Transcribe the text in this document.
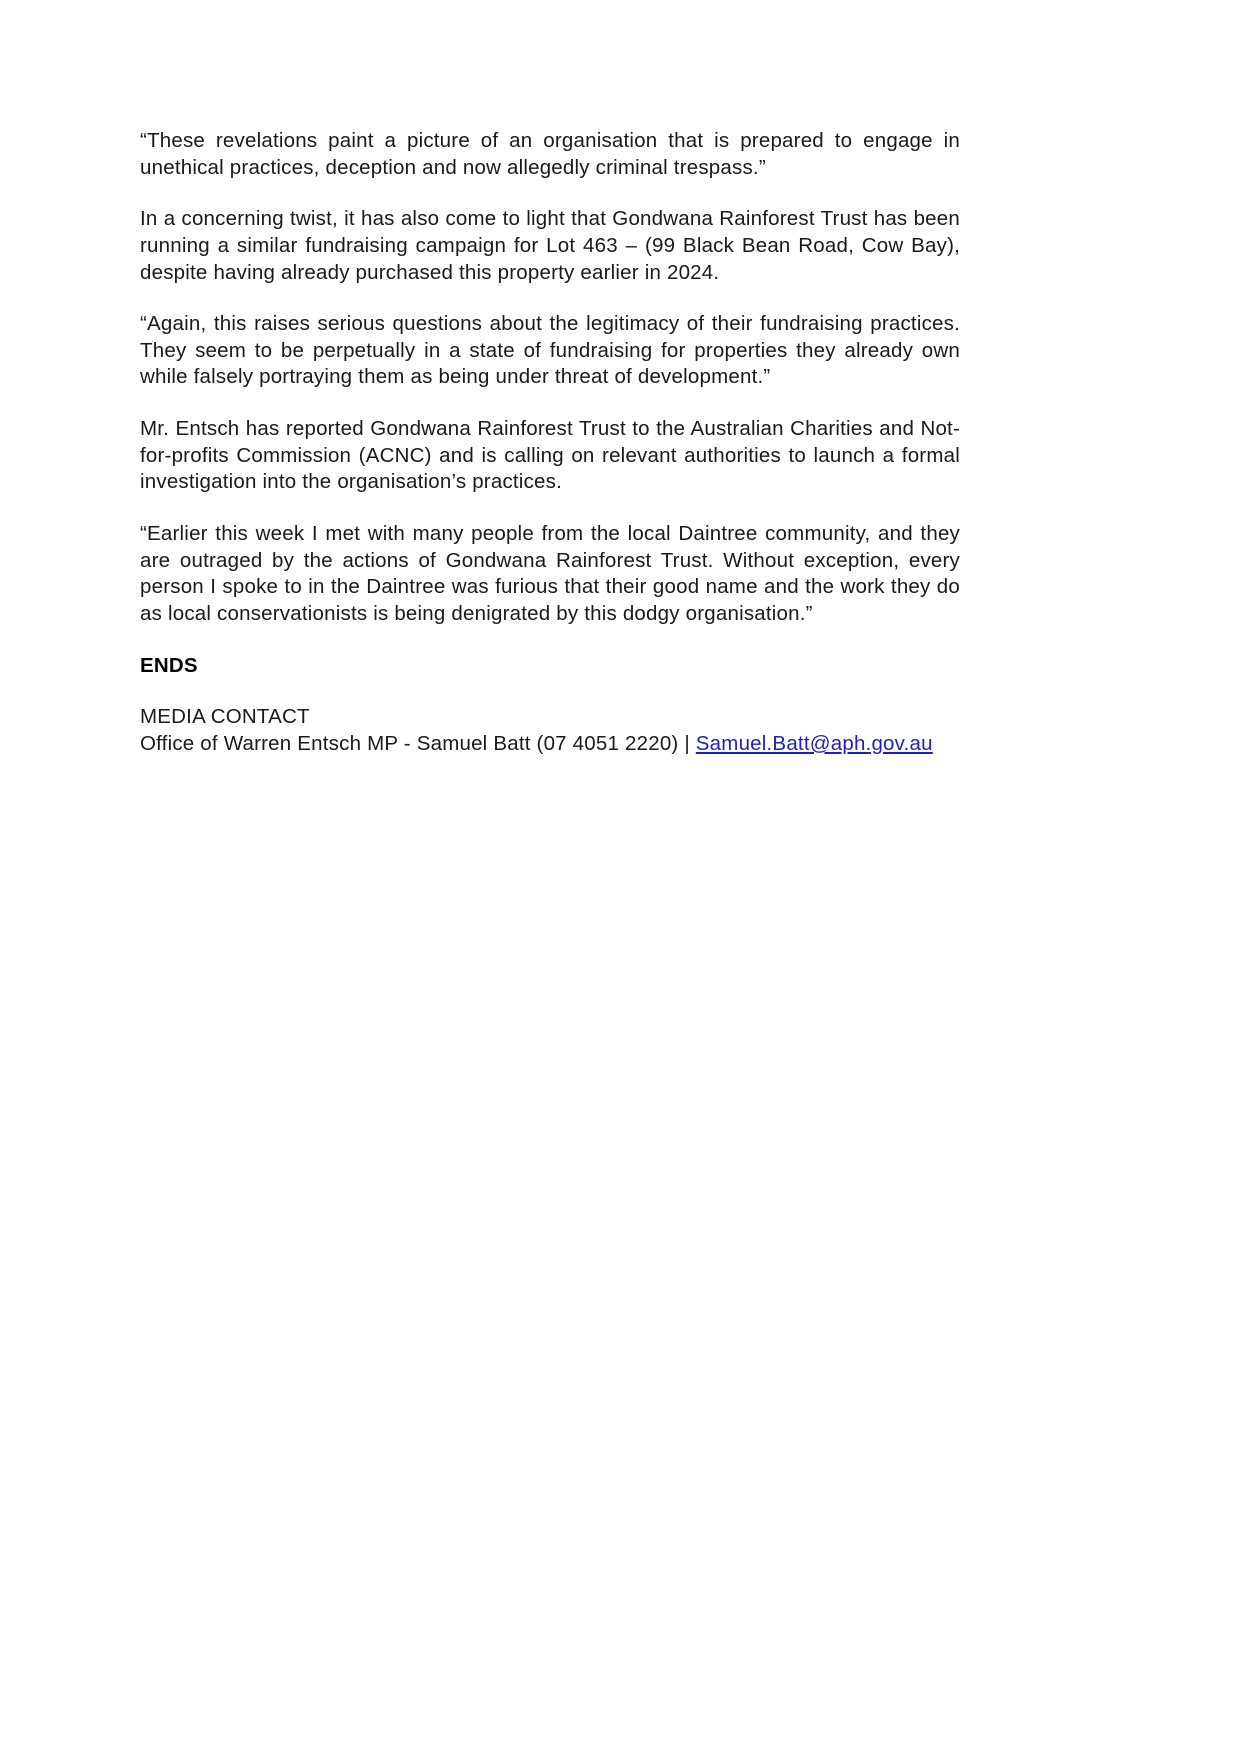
“These revelations paint a picture of an organisation that is prepared to engage in unethical practices, deception and now allegedly criminal trespass.”

In a concerning twist, it has also come to light that Gondwana Rainforest Trust has been running a similar fundraising campaign for Lot 463 – (99 Black Bean Road, Cow Bay), despite having already purchased this property earlier in 2024.

“Again, this raises serious questions about the legitimacy of their fundraising practices. They seem to be perpetually in a state of fundraising for properties they already own while falsely portraying them as being under threat of development.”

Mr. Entsch has reported Gondwana Rainforest Trust to the Australian Charities and Not-for-profits Commission (ACNC) and is calling on relevant authorities to launch a formal investigation into the organisation’s practices.

“Earlier this week I met with many people from the local Daintree community, and they are outraged by the actions of Gondwana Rainforest Trust. Without exception, every person I spoke to in the Daintree was furious that their good name and the work they do as local conservationists is being denigrated by this dodgy organisation.”

ENDS
MEDIA CONTACT
Office of Warren Entsch MP - Samuel Batt (07 4051 2220) | Samuel.Batt@aph.gov.au
